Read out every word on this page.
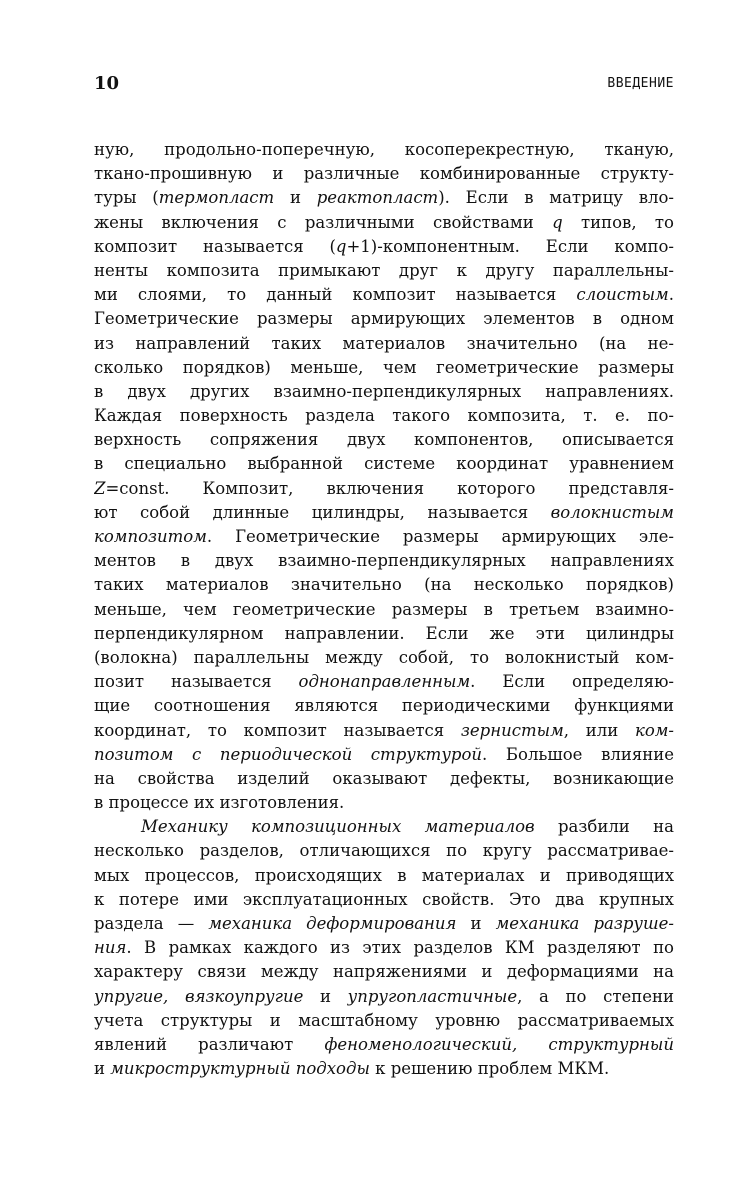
10	ВВЕДЕНИЕ
ную, продольно-поперечную, косоперекрестную, тканую,
ткано-прошивную и различные комбинированные структу-
туры (термопласт и реактопласт). Если в матрицу вло-
жены включения с различными свойствами q типов, то
композит называется (q+1)-компонентным. Если компо-
ненты композита примыкают друг к другу параллельны-
ми слоями, то данный композит называется слоистым.
Геометрические размеры армирующих элементов в одном
из направлений таких материалов значительно (на не-
сколько порядков) меньше, чем геометрические размеры
в двух других взаимно-перпендикулярных направлениях.
Каждая поверхность раздела такого композита, т. е. по-
верхность сопряжения двух компонентов, описывается
в специально выбранной системе координат уравнением
Z=const. Композит, включения которого представля-
ют собой длинные цилиндры, называется волокнистым
композитом. Геометрические размеры армирующих эле-
ментов в двух взаимно-перпендикулярных направлениях
таких материалов значительно (на несколько порядков)
меньше, чем геометрические размеры в третьем взаимно-
перпендикулярном направлении. Если же эти цилиндры
(волокна) параллельны между собой, то волокнистый ком-
позит называется однонаправленным. Если определяю-
щие соотношения являются периодическими функциями
координат, то композит называется зернистым, или ком-
позитом с периодической структурой. Большое влияние
на свойства изделий оказывают дефекты, возникающие
в процессе их изготовления.
Механику композиционных материалов разбили на
несколько разделов, отличающихся по кругу рассматривае-
мых процессов, происходящих в материалах и приводящих
к потере ими эксплуатационных свойств. Это два крупных
раздела — механика деформирования и механика разруше-
ния. В рамках каждого из этих разделов КМ разделяют по
характеру связи между напряжениями и деформациями на
упругие, вязкоупругие и упругопластичные, а по степени
учета структуры и масштабному уровню рассматриваемых
явлений различают феноменологический, структурный
и микроструктурный подходы к решению проблем МКМ.
